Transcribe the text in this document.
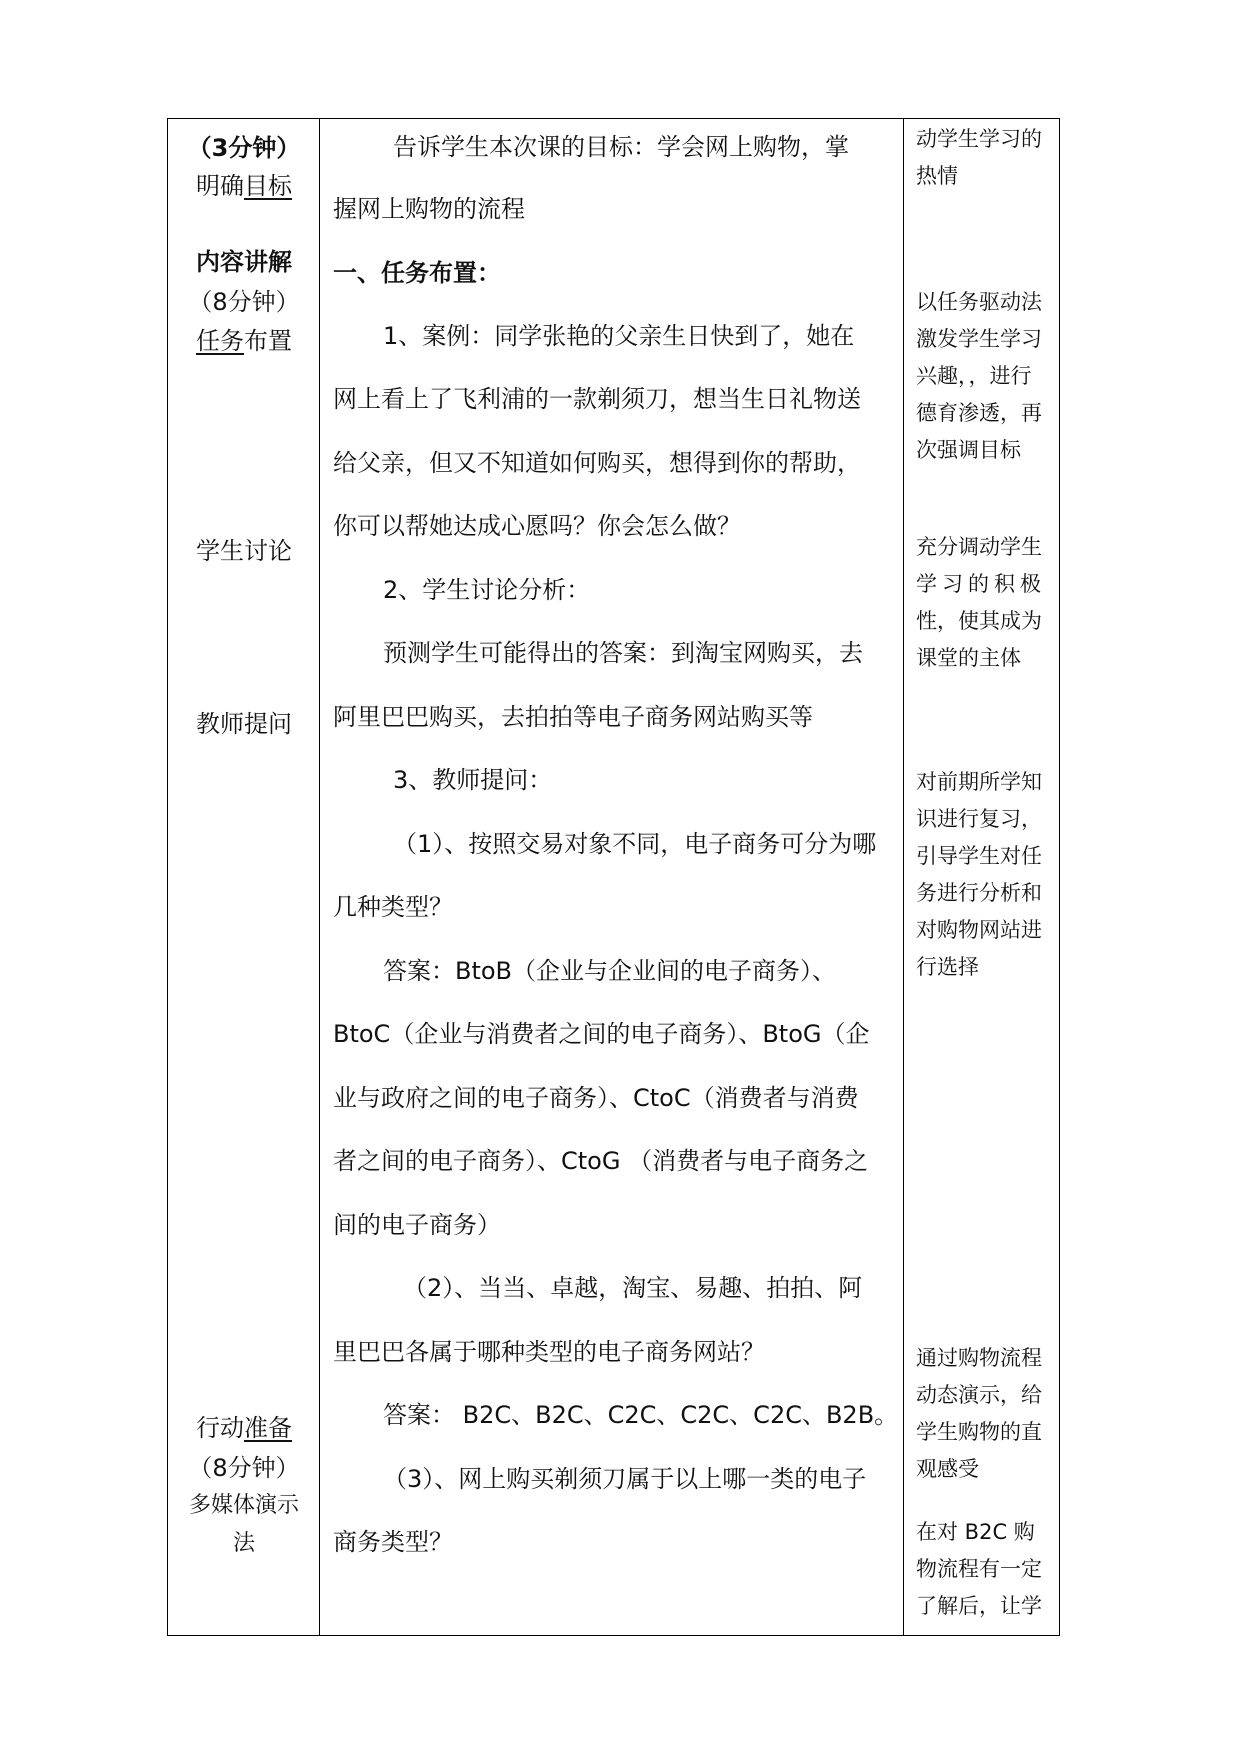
（3分钟）
明确目标
内容讲解
（8分钟）
任务布置
学生讨论
教师提问
行动准备
（8分钟）
多媒体演示
法
告诉学生本次课的目标：学会网上购物，掌
握网上购物的流程
一、任务布置：
1、案例：同学张艳的父亲生日快到了，她在
网上看上了飞利浦的一款剃须刀，想当生日礼物送
给父亲，但又不知道如何购买，想得到你的帮助，
你可以帮她达成心愿吗？你会怎么做？
2、学生讨论分析：
预测学生可能得出的答案：到淘宝网购买，去
阿里巴巴购买，去拍拍等电子商务网站购买等
3、教师提问：
（1）、按照交易对象不同，电子商务可分为哪
几种类型？
答案：BtoB（企业与企业间的电子商务）、
BtoC（企业与消费者之间的电子商务）、BtoG（企
业与政府之间的电子商务）、CtoC（消费者与消费
者之间的电子商务）、CtoG （消费者与电子商务之
间的电子商务）
（2）、当当、卓越，淘宝、易趣、拍拍、阿
里巴巴各属于哪种类型的电子商务网站？
答案： B2C、B2C、C2C、C2C、C2C、B2B。
（3）、网上购买剃须刀属于以上哪一类的电子
商务类型？
动学生学习的
热情
以任务驱动法
激发学生学习
兴趣，，进行
德育渗透，再
次强调目标
充分调动学生
学习的积极
性，使其成为
课堂的主体
对前期所学知
识进行复习，
引导学生对任
务进行分析和
对购物网站进
行选择
通过购物流程
动态演示，给
学生购物的直
观感受
在对 B2C 购
物流程有一定
了解后，让学
